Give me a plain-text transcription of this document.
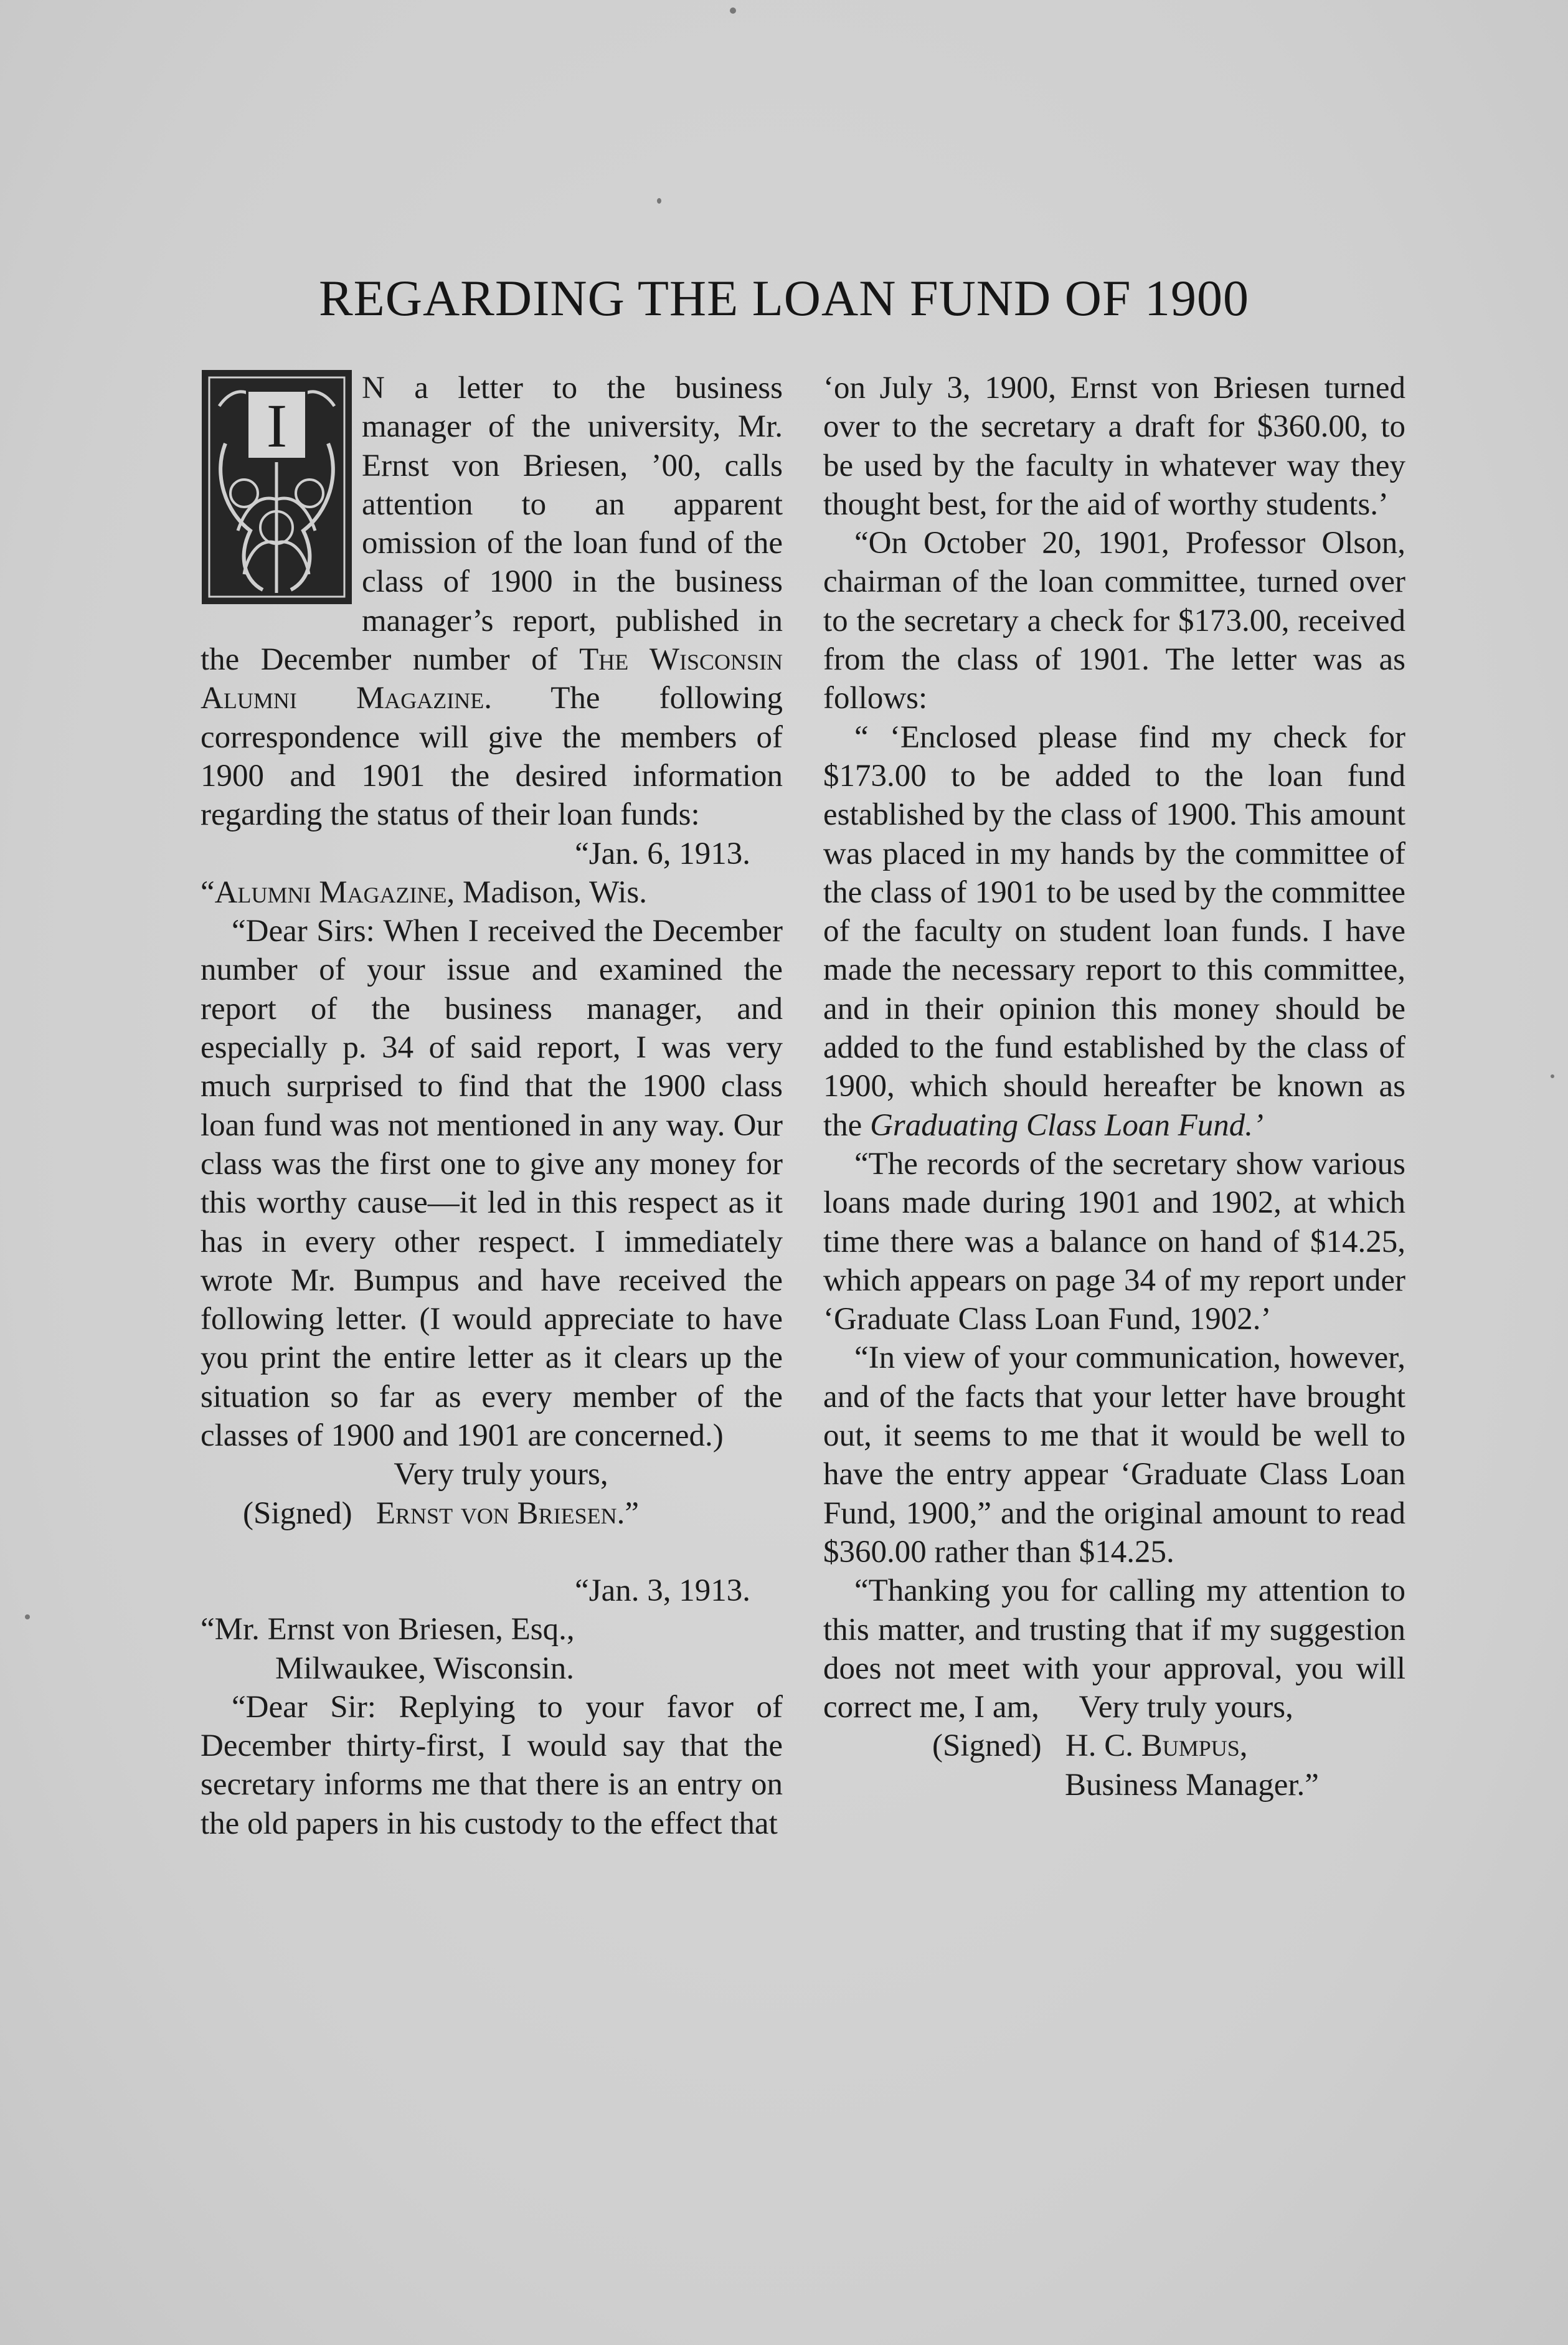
REGARDING THE LOAN FUND OF 1900

I
N a letter to the business manager of the university, Mr. Ernst von Briesen, ’00, calls attention to an apparent omission of the loan fund of the class of 1900 in the business manager’s report, published in the December number of The Wisconsin Alumni Magazine. The following correspondence will give the members of 1900 and 1901 the desired information regarding the status of their loan funds:

“Jan. 6, 1913.

“Alumni Magazine, Madison, Wis.

“Dear Sirs: When I received the December number of your issue and examined the report of the business manager, and especially p. 34 of said report, I was very much surprised to find that the 1900 class loan fund was not mentioned in any way. Our class was the first one to give any money for this worthy cause—it led in this respect as it has in every other respect. I immediately wrote Mr. Bumpus and have received the following letter. (I would appreciate to have you print the entire letter as it clears up the situation so far as every member of the classes of 1900 and 1901 are concerned.)

Very truly yours,

(Signed) Ernst von Briesen.”

“Jan. 3, 1913.

“Mr. Ernst von Briesen, Esq.,

Milwaukee, Wisconsin.

“Dear Sir: Replying to your favor of December thirty-first, I would say that the secretary informs me that there is an entry on the old papers in his custody to the effect that

‘on July 3, 1900, Ernst von Briesen turned over to the secretary a draft for $360.00, to be used by the faculty in whatever way they thought best, for the aid of worthy students.’

“On October 20, 1901, Professor Olson, chairman of the loan committee, turned over to the secretary a check for $173.00, received from the class of 1901. The letter was as follows:

“ ‘Enclosed please find my check for $173.00 to be added to the loan fund established by the class of 1900. This amount was placed in my hands by the committee of the class of 1901 to be used by the committee of the faculty on student loan funds. I have made the necessary report to this committee, and in their opinion this money should be added to the fund established by the class of 1900, which should hereafter be known as the Graduating Class Loan Fund.’

“The records of the secretary show various loans made during 1901 and 1902, at which time there was a balance on hand of $14.25, which appears on page 34 of my report under ‘Graduate Class Loan Fund, 1902.’

“In view of your communication, however, and of the facts that your letter have brought out, it seems to me that it would be well to have the entry appear ‘Graduate Class Loan Fund, 1900,” and the original amount to read $360.00 rather than $14.25.

“Thanking you for calling my attention to this matter, and trusting that if my suggestion does not meet with your approval, you will correct me, I am, Very truly yours,

(Signed) H. C. Bumpus,

Business Manager.”
